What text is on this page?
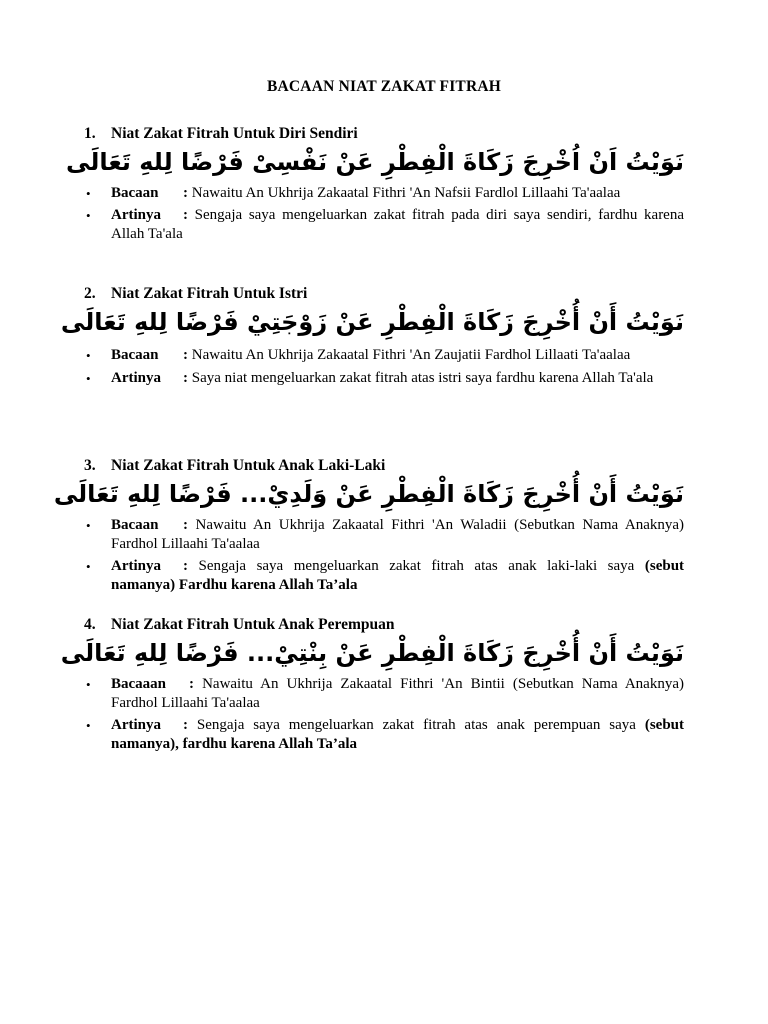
BACAAN NIAT ZAKAT FITRAH
1. Niat Zakat Fitrah Untuk Diri Sendiri
نَوَيْتُ اَنْ اُخْرِجَ زَكَاةَ الْفِطْرِ عَنْ نَفْسِىْ فَرْضًا لِلهِ تَعَالَى
• Bacaan : Nawaitu An Ukhrija Zakaatal Fithri 'An Nafsii Fardlol Lillaahi Ta'aalaa
• Artinya : Sengaja saya mengeluarkan zakat fitrah pada diri saya sendiri, fardhu karena Allah Ta'ala
2. Niat Zakat Fitrah Untuk Istri
نَوَيْتُ أَنْ أُخْرِجَ زَكَاةَ الْفِطْرِ عَنْ زَوْجَتِيْ فَرْضًا لِلهِ تَعَالَى
• Bacaan : Nawaitu An Ukhrija Zakaatal Fithri 'An Zaujatii Fardhol Lillaati Ta'aalaa
• Artinya : Saya niat mengeluarkan zakat fitrah atas istri saya fardhu karena Allah Ta'ala
3. Niat Zakat Fitrah Untuk Anak Laki-Laki
نَوَيْتُ أَنْ أُخْرِجَ زَكَاةَ الْفِطْرِ عَنْ وَلَدِيْ... فَرْضًا لِلهِ تَعَالَى
• Bacaan : Nawaitu An Ukhrija Zakaatal Fithri 'An Waladii (Sebutkan Nama Anaknya) Fardhol Lillaahi Ta'aalaa
• Artinya : Sengaja saya mengeluarkan zakat fitrah atas anak laki-laki saya (sebut namanya) Fardhu karena Allah Ta’ala
4. Niat Zakat Fitrah Untuk Anak Perempuan
نَوَيْتُ أَنْ أُخْرِجَ زَكَاةَ الْفِطْرِ عَنْ بِنْتِيْ... فَرْضًا لِلهِ تَعَالَى
• Bacaaan : Nawaitu An Ukhrija Zakaatal Fithri 'An Bintii (Sebutkan Nama Anaknya) Fardhol Lillaahi Ta'aalaa
• Artinya : Sengaja saya mengeluarkan zakat fitrah atas anak perempuan saya (sebut namanya), fardhu karena Allah Ta’ala
